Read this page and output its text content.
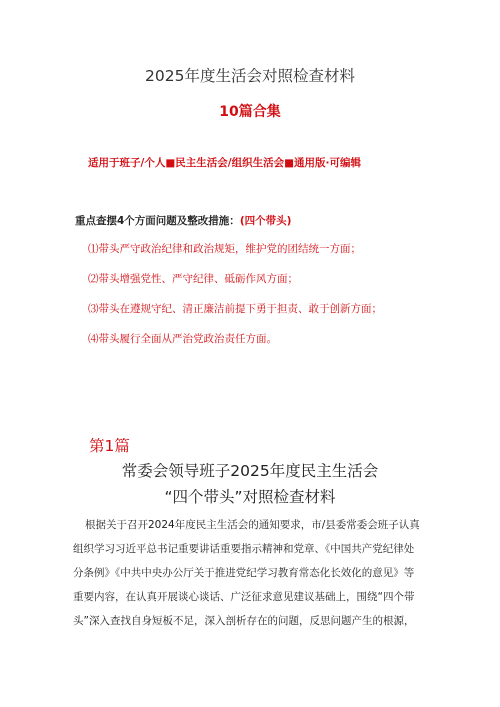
2025年度生活会对照检查材料
10篇合集
适用于班子/个人■民主生活会/组织生活会■通用版·可编辑
重点查摆4个方面问题及整改措施：(四个带头)
⑴带头严守政治纪律和政治规矩，维护党的团结统一方面；
⑵带头增强党性、严守纪律、砥砺作风方面；
⑶带头在遵规守纪、清正廉洁前提下勇于担责、敢于创新方面；
⑷带头履行全面从严治党政治责任方面。
第1篇
常委会领导班子2025年度民主生活会
“四个带头”对照检查材料
根据关于召开2024年度民主生活会的通知要求，市/县委常委会班子认真
组织学习习近平总书记重要讲话重要指示精神和党章、《中国共产党纪律处
分条例》《中共中央办公厅关于推进党纪学习教育常态化长效化的意见》等
重要内容，在认真开展谈心谈话、广泛征求意见建议基础上，围绕“四个带
头”深入查找自身短板不足，深入剖析存在的问题，反思问题产生的根源，
